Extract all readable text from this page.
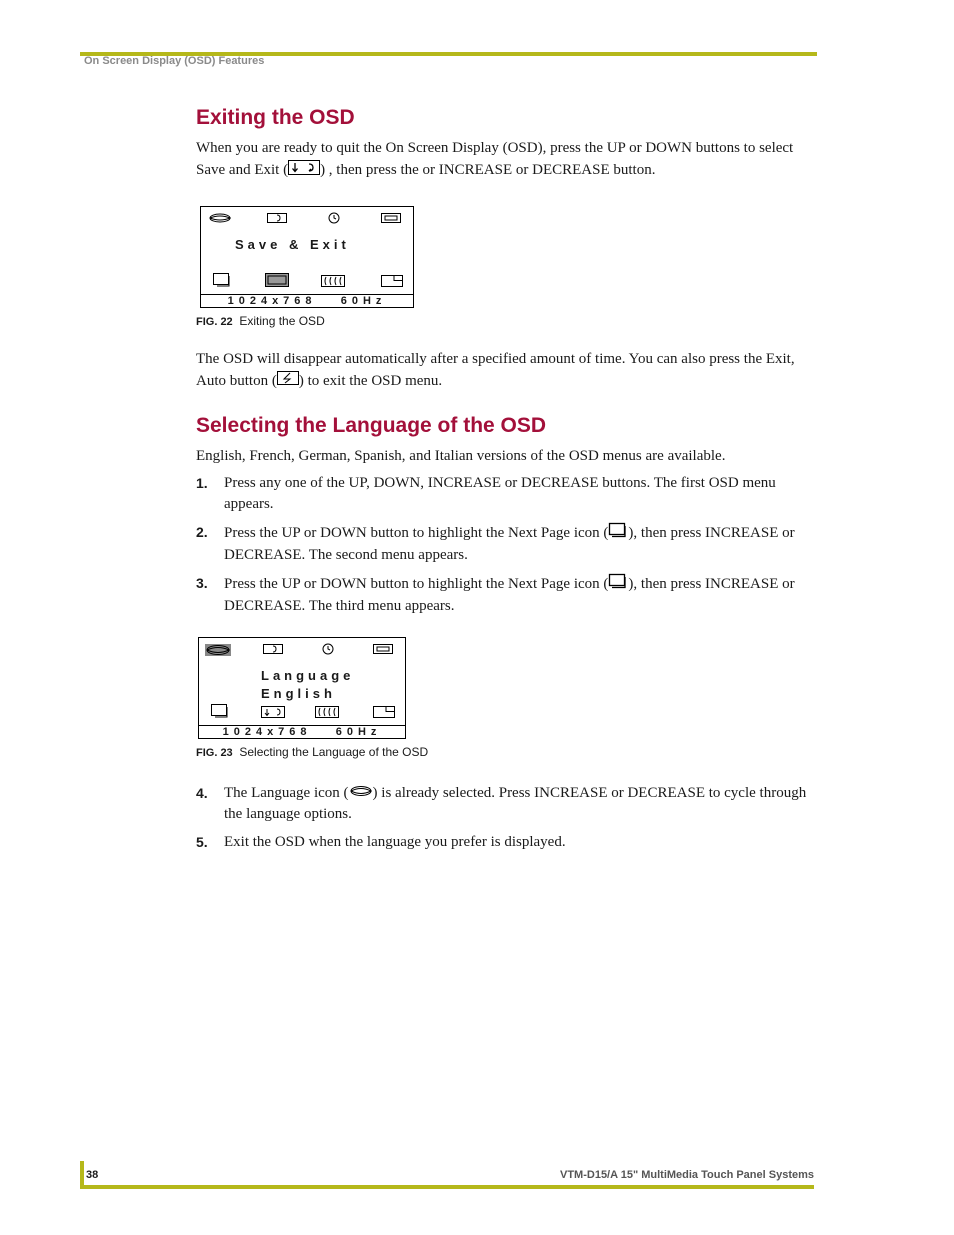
On Screen Display (OSD) Features
Exiting the OSD

When you are ready to quit the On Screen Display (OSD), press the UP or DOWN buttons to select Save and Exit ( ) , then press the or INCREASE or DECREASE button.

Save & Exit
1024x768   60Hz
FIG. 22 Exiting the OSD

The OSD will disappear automatically after a specified amount of time. You can also press the Exit, Auto button ( ) to exit the OSD menu.

Selecting the Language of the OSD

English, French, German, Spanish, and Italian versions of the OSD menus are available.

1. Press any one of the UP, DOWN, INCREASE or DECREASE buttons. The first OSD menu appears.
2. Press the UP or DOWN button to highlight the Next Page icon ( ), then press INCREASE or DECREASE. The second menu appears.
3. Press the UP or DOWN button to highlight the Next Page icon ( ), then press INCREASE or DECREASE. The third menu appears.
Language
English
1024x768   60Hz
FIG. 23 Selecting the Language of the OSD
4. The Language icon ( ) is already selected. Press INCREASE or DECREASE to cycle through the language options.
5. Exit the OSD when the language you prefer is displayed.
38	VTM-D15/A 15" MultiMedia Touch Panel Systems
